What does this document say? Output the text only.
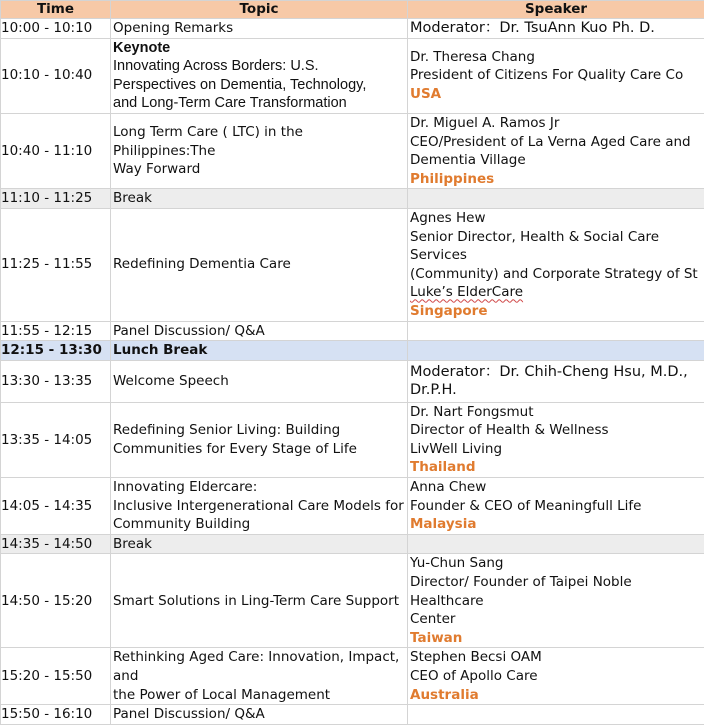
Time	Topic	Speaker
10:00 - 10:10	Opening Remarks	Moderator：Dr. TsuAnn Kuo Ph. D.

10:10 - 10:40	Keynote
Innovating Across Borders: U.S.
Perspectives on Dementia, Technology,
and Long-Term Care Transformation	Dr. Theresa Chang
President of Citizens For Quality Care Co
USA

10:40 - 11:10	Long Term Care ( LTC) in the Philippines:The
Way Forward	Dr. Miguel A. Ramos Jr
CEO/President of La Verna Aged Care and
Dementia Village
Philippines

11:10 - 11:25	Break	

11:25 - 11:55	Redefining Dementia Care	Agnes Hew
Senior Director, Health & Social Care Services
(Community) and Corporate Strategy of St
Luke’s ElderCare
Singapore

11:55 - 12:15	Panel Discussion/ Q&A	

12:15 - 13:30	Lunch Break	

13:30 - 13:35	Welcome Speech	Moderator：Dr. Chih-Cheng Hsu, M.D.,
Dr.P.H.

13:35 - 14:05	Redefining Senior Living: Building
Communities for Every Stage of Life	Dr. Nart Fongsmut
Director of Health & Wellness
LivWell Living
Thailand

14:05 - 14:35	Innovating Eldercare:
Inclusive Intergenerational Care Models for
Community Building	Anna Chew
Founder & CEO of Meaningfull Life
Malaysia

14:35 - 14:50	Break	

14:50 - 15:20	Smart Solutions in Ling-Term Care Support	Yu-Chun Sang
Director/ Founder of Taipei Noble Healthcare
Center
Taiwan

15:20 - 15:50	Rethinking Aged Care: Innovation, Impact, and
the Power of Local Management	Stephen Becsi OAM
CEO of Apollo Care
Australia

15:50 - 16:10	Panel Discussion/ Q&A	
